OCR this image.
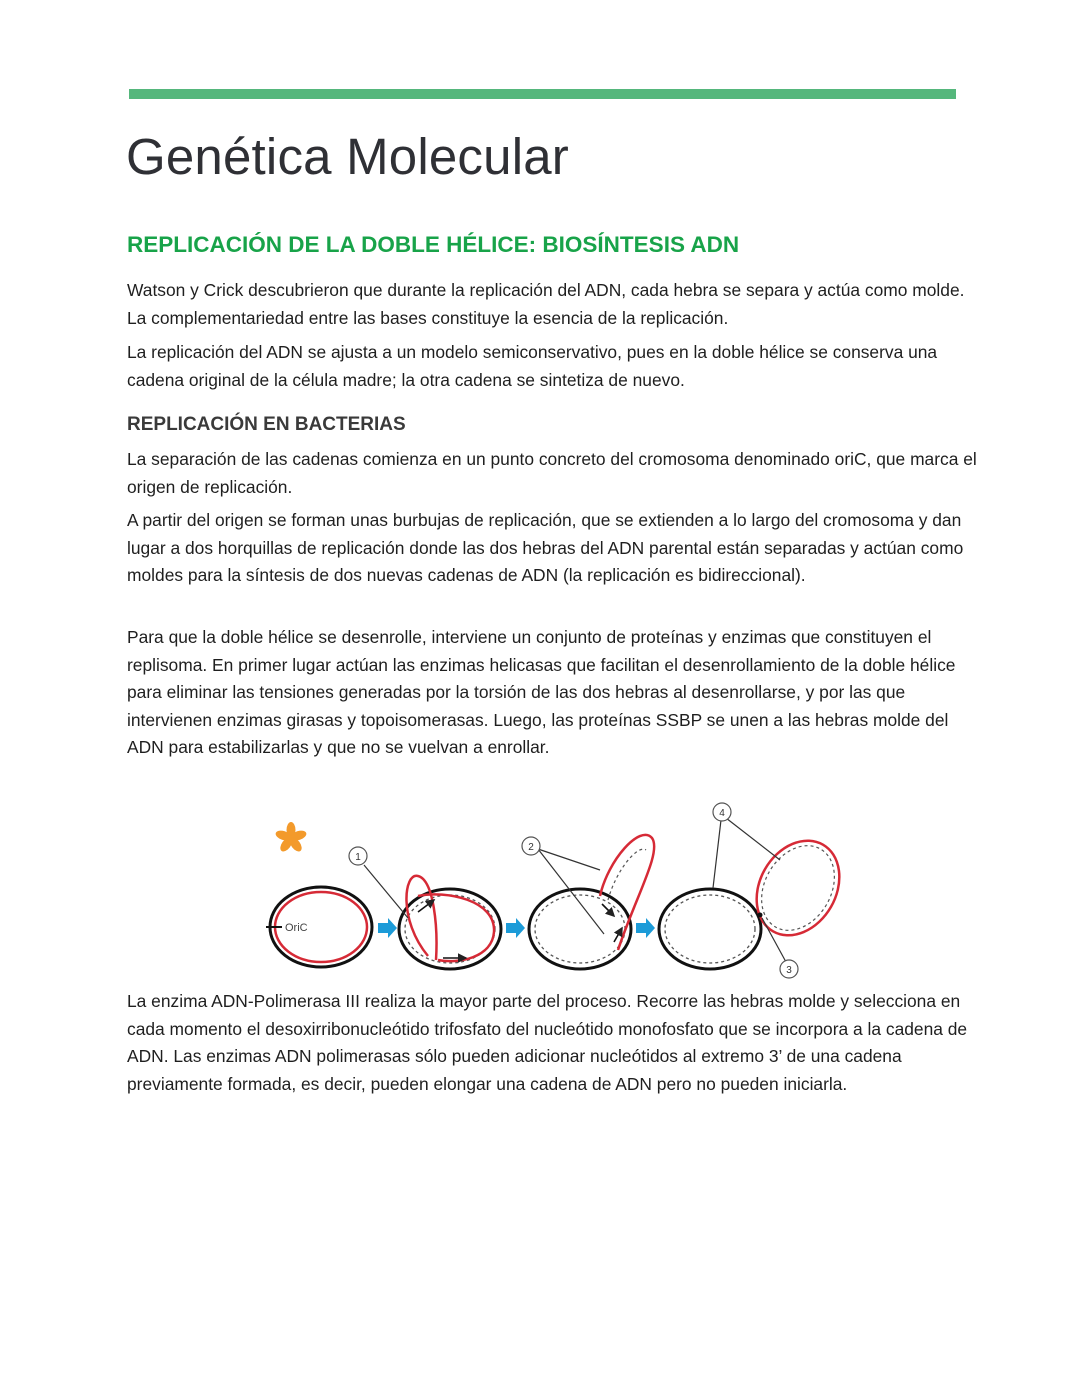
Genética Molecular
REPLICACIÓN DE LA DOBLE HÉLICE: BIOSÍNTESIS ADN

Watson y Crick descubrieron que durante la replicación del ADN, cada hebra se separa y actúa como molde. La complementariedad entre las bases constituye la esencia de la replicación.

La replicación del ADN se ajusta a un modelo semiconservativo, pues en la doble hélice se conserva una cadena original de la célula madre; la otra cadena se sintetiza de nuevo.

REPLICACIÓN EN BACTERIAS

La separación de las cadenas comienza en un punto concreto del cromosoma denominado oriC, que marca el origen de replicación.

A partir del origen se forman unas burbujas de replicación, que se extienden a lo largo del cromosoma y dan lugar a dos horquillas de replicación donde las dos hebras del ADN parental están separadas y actúan como moldes para la síntesis de dos nuevas cadenas de ADN (la replicación es bidireccional).

Para que la doble hélice se desenrolle, interviene un conjunto de proteínas y enzimas que constituyen el replisoma. En primer lugar actúan las enzimas helicasas que facilitan el desenrollamiento de la doble hélice para eliminar las tensiones generadas por la torsión de las dos hebras al desenrollarse, y por las que intervienen enzimas girasas y topoisomerasas. Luego, las proteínas SSBP se unen a las hebras molde del ADN para estabilizarlas y que no se vuelvan a enrollar.

OriC
1
2
4
3

La enzima ADN-Polimerasa III realiza la mayor parte del proceso. Recorre las hebras molde y selecciona en cada momento el desoxirribonucleótido trifosfato del nucleótido monofosfato que se incorpora a la cadena de ADN. Las enzimas ADN polimerasas sólo pueden adicionar nucleótidos al extremo 3’ de una cadena previamente formada, es decir, pueden elongar una cadena de ADN pero no pueden iniciarla.
